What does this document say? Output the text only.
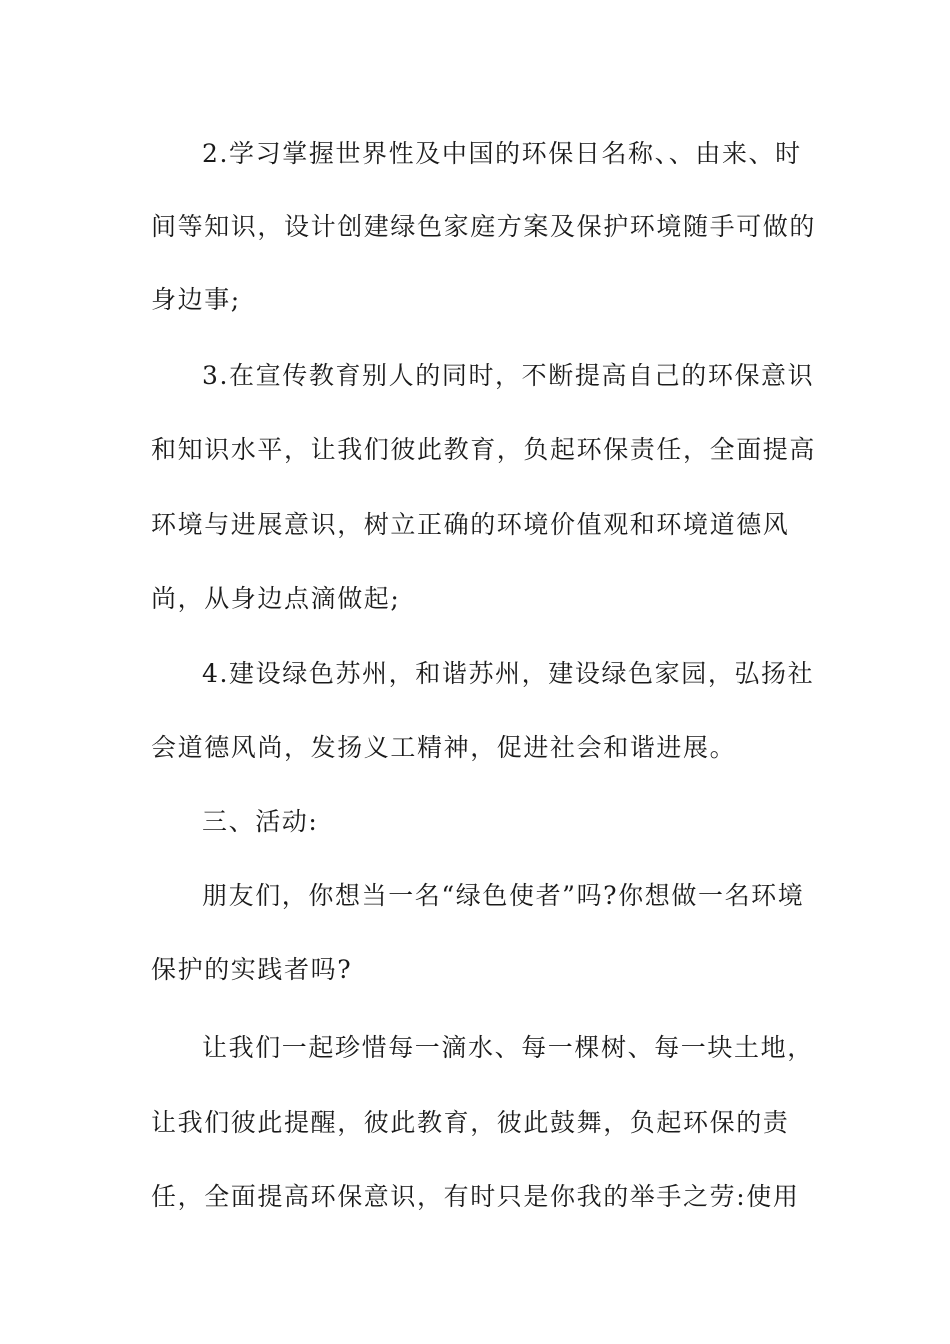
2.学习掌握世界性及中国的环保日名称、、由来、时
间等知识，设计创建绿色家庭方案及保护环境随手可做的
身边事;
3.在宣传教育别人的同时，不断提高自己的环保意识
和知识水平，让我们彼此教育，负起环保责任，全面提高
环境与进展意识，树立正确的环境价值观和环境道德风
尚，从身边点滴做起;
4.建设绿色苏州，和谐苏州，建设绿色家园，弘扬社
会道德风尚，发扬义工精神，促进社会和谐进展。
三、活动:
朋友们，你想当一名“绿色使者”吗?你想做一名环境
保护的实践者吗?
让我们一起珍惜每一滴水、每一棵树、每一块土地，
让我们彼此提醒，彼此教育，彼此鼓舞，负起环保的责
任，全面提高环保意识，有时只是你我的举手之劳:使用
